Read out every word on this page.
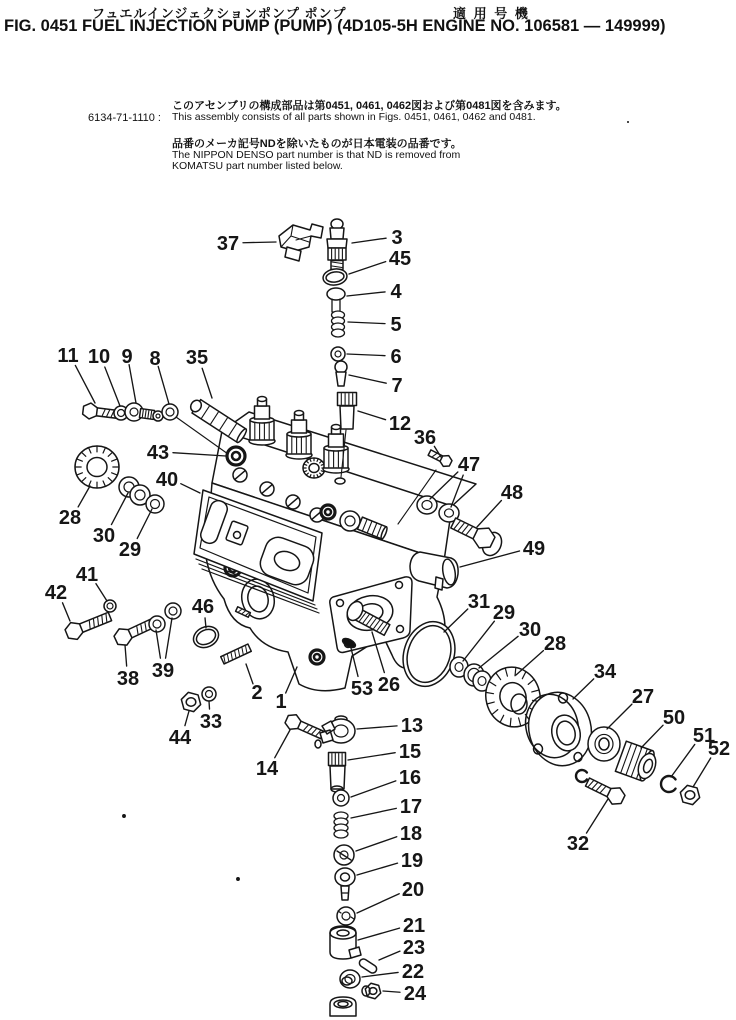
フュエルインジェクションポンプ ポンプ	適 用 号 機
FIG. 0451 FUEL INJECTION PUMP (PUMP) (4D105-5H ENGINE NO. 106581 — 149999)
6134-71-1110 :
このアセンブリの構成部品は第0451, 0461, 0462図および第0481図を含みます。
This assembly consists of all parts shown in Figs. 0451, 0461, 0462 and 0481.
品番のメーカ記号NDを除いたものが日本電装の品番です。
The NIPPON DENSO part number is that ND is removed from
KOMATSU part number listed below.
37	3
45
4
5
6
7
12
11 10 9 8 35
43
40
28
30
29
41
42
38 39
46
44
33
2 1
14
36
47
48
49
31 29
30
28
34
27
50
51
52
32
53 26
13
15
16
17
18
19
20
21
23
22
24
